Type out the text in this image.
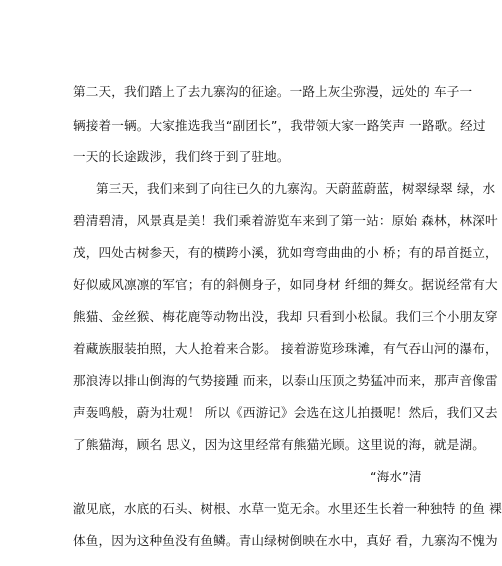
第二天，我们踏上了去九寨沟的征途。一路上灰尘弥漫，远处的 车子一
辆接着一辆。大家推选我当“副团长”，我带领大家一路笑声 一路歌。经过
一天的长途跋涉，我们终于到了驻地。
第三天，我们来到了向往已久的九寨沟。天蔚蓝蔚蓝，树翠绿翠 绿，水
碧清碧清，风景真是美！我们乘着游览车来到了第一站：原始 森林，林深叶
茂，四处古树参天，有的横跨小溪，犹如弯弯曲曲的小 桥；有的昂首挺立，
好似威风凛凛的军官；有的斜侧身子，如同身材 纤细的舞女。据说经常有大
熊猫、金丝猴、梅花鹿等动物出没，我却 只看到小松鼠。我们三个小朋友穿
着藏族服装拍照，大人抢着来合影。 接着游览珍珠滩，有气吞山河的瀑布，
那浪涛以排山倒海的气势接踵 而来，以泰山压顶之势猛冲而来，那声音像雷
声轰鸣般，蔚为壮观！ 所以《西游记》会选在这儿拍摄呢！然后，我们又去
了熊猫海，顾名 思义，因为这里经常有熊猫光顾。这里说的海，就是湖。
“海水”清
澈见底，水底的石头、树根、水草一览无余。水里还生长着一种独特 的鱼 裸
体鱼，因为这种鱼没有鱼鳞。青山绿树倒映在水中，真好 看，九寨沟不愧为
